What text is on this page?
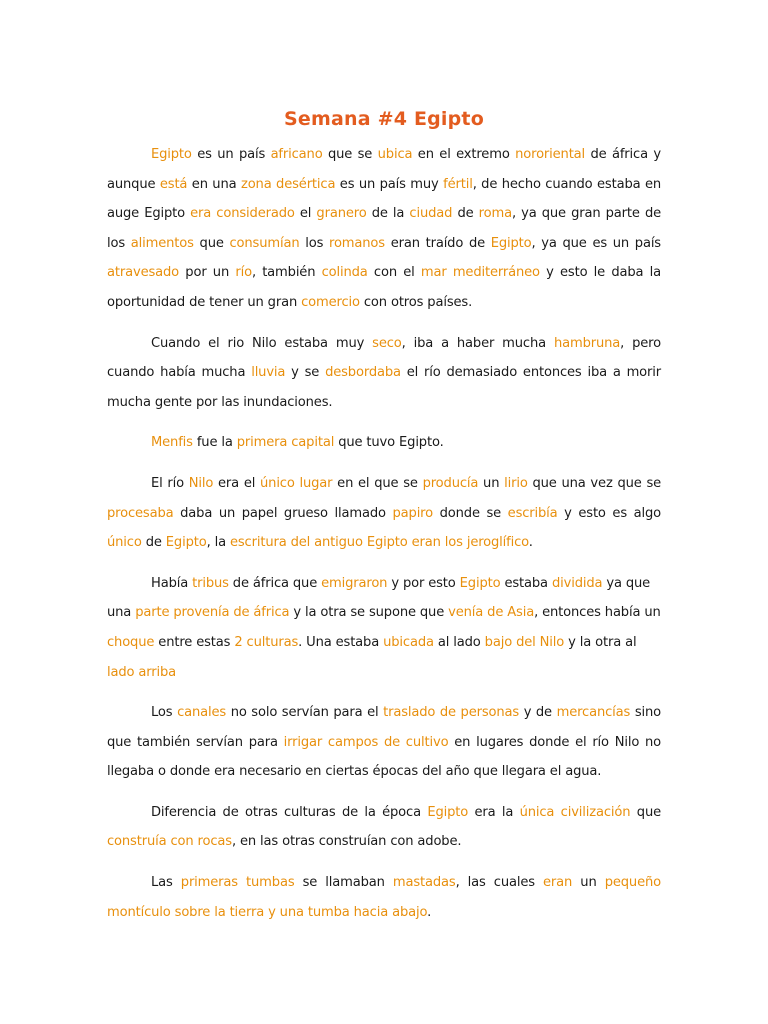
Semana #4 Egipto

Egipto es un país africano que se ubica en el extremo nororiental de áfrica y aunque está en una zona desértica es un país muy fértil, de hecho cuando estaba en auge Egipto era considerado el granero de la ciudad de roma, ya que gran parte de los alimentos que consumían los romanos eran traído de Egipto, ya que es un país atravesado por un río, también colinda con el mar mediterráneo y esto le daba la oportunidad de tener un gran comercio con otros países.

Cuando el rio Nilo estaba muy seco, iba a haber mucha hambruna, pero cuando había mucha lluvia y se desbordaba el río demasiado entonces iba a morir mucha gente por las inundaciones.

Menfis fue la primera capital que tuvo Egipto.

El río Nilo era el único lugar en el que se producía un lirio que una vez que se procesaba daba un papel grueso llamado papiro donde se escribía y esto es algo único de Egipto, la escritura del antiguo Egipto eran los jeroglífico.

Había tribus de áfrica que emigraron y por esto Egipto estaba dividida ya que una parte provenía de áfrica y la otra se supone que venía de Asia, entonces había un choque entre estas 2 culturas. Una estaba ubicada al lado bajo del Nilo y la otra al lado arriba

Los canales no solo servían para el traslado de personas y de mercancías sino que también servían para irrigar campos de cultivo en lugares donde el río Nilo no llegaba o donde era necesario en ciertas épocas del año que llegara el agua.

Diferencia de otras culturas de la época Egipto era la única civilización que construía con rocas, en las otras construían con adobe.

Las primeras tumbas se llamaban mastadas, las cuales eran un pequeño montículo sobre la tierra y una tumba hacia abajo.
